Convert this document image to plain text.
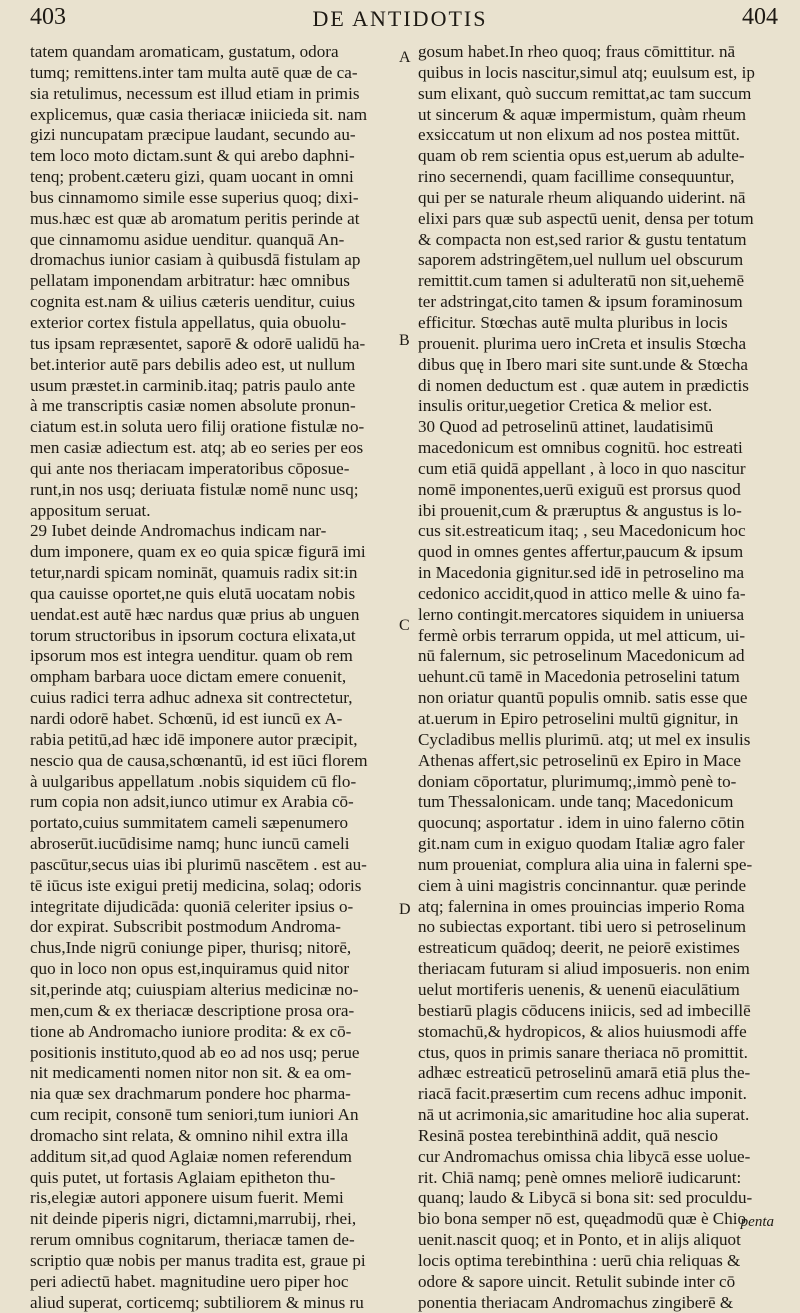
403	DE ANTIDOTIS	404
tatem quandam aromaticam, gustatum, odora
tumq; remittens.inter tam multa autē quæ de ca-
sia retulimus, necessum est illud etiam in primis
explicemus, quæ casia theriacæ iniicieda sit. nam
gizi nuncupatam præcipue laudant, secundo au-
tem loco moto dictam.sunt & qui arebo daphni-
tenq; probent.cæteru gizi, quam uocant in omni
bus cinnamomo simile esse superius quoq; dixi-
mus.hæc est quæ ab aromatum peritis perinde at
que cinnamomu asidue uenditur. quanquā An-
dromachus iunior casiam à quibusdā fistulam ap
pellatam imponendam arbitratur: hæc omnibus
cognita est.nam & uilius cæteris uenditur, cuius
exterior cortex fistula appellatus, quia obuolu-
tus ipsam repræsentet, saporē & odorē ualidū ha-
bet.interior autē pars debilis adeo est, ut nullum
usum præstet.in carminib.itaq; patris paulo ante
à me transcriptis casiæ nomen absolute pronun-
ciatum est.in soluta uero filij oratione fistulæ no-
men casiæ adiectum est. atq; ab eo series per eos
qui ante nos theriacam imperatoribus cōposue-
runt,in nos usq; deriuata fistulæ nomē nunc usq;
appositum seruat.
29 Iubet deinde Andromachus indicam nar-
dum imponere, quam ex eo quia spicæ figurā imi
tetur,nardi spicam nomināt, quamuis radix sit:in
qua cauisse oportet,ne quis elutā uocatam nobis
uendat.est autē hæc nardus quæ prius ab unguen
torum structoribus in ipsorum coctura elixata,ut
ipsorum mos est integra uenditur. quam ob rem
ompham barbara uoce dictam emere conuenit,
cuius radici terra adhuc adnexa sit contrectetur,
nardi odorē habet. Schœnū, id est iuncū ex A-
rabia petitū,ad hæc idē imponere autor præcipit,
nescio qua de causa,schœnantū, id est iūci florem
à uulgaribus appellatum .nobis siquidem cū flo-
rum copia non adsit,iunco utimur ex Arabia cō-
portato,cuius summitatem cameli sæpenumero
abroserūt.iucūdisime namq; hunc iuncū cameli
pascūtur,secus uias ibi plurimū nascētem . est au-
tē iūcus iste exigui pretij medicina, solaq; odoris
integritate dijudicāda: quoniā celeriter ipsius o-
dor expirat. Subscribit postmodum Androma-
chus,Inde nigrū coniunge piper, thurisq; nitorē,
quo in loco non opus est,inquiramus quid nitor
sit,perinde atq; cuiuspiam alterius medicinæ no-
men,cum & ex theriacæ descriptione prosa ora-
tione ab Andromacho iuniore prodita: & ex cō-
positionis instituto,quod ab eo ad nos usq; perue
nit medicamenti nomen nitor non sit. & ea om-
nia quæ sex drachmarum pondere hoc pharma-
cum recipit, consonē tum seniori,tum iuniori An
dromacho sint relata, & omnino nihil extra illa
additum sit,ad quod Aglaiæ nomen referendum
quis putet, ut fortasis Aglaiam epitheton thu-
ris,elegiæ autori apponere uisum fuerit. Memi
nit deinde piperis nigri, dictamni,marrubij, rhei,
rerum omnibus cognitarum, theriacæ tamen de-
scriptio quæ nobis per manus tradita est, graue pi
peri adiectū habet. magnitudine uero piper hoc
aliud superat, corticemq; subtiliorem & minus ru
gosum habet.In rheo quoq; fraus cōmittitur. nā
quibus in locis nascitur,simul atq; euulsum est, ip
sum elixant, quò succum remittat,ac tam succum
ut sincerum & aquæ impermistum, quàm rheum
exsiccatum ut non elixum ad nos postea mittūt.
quam ob rem scientia opus est,uerum ab adulte-
rino secernendi, quam facillime consequuntur,
qui per se naturale rheum aliquando uiderint. nā
elixi pars quæ sub aspectū uenit, densa per totum
& compacta non est,sed rarior & gustu tentatum
saporem adstringētem,uel nullum uel obscurum
remittit.cum tamen si adulteratū non sit,uehemē
ter adstringat,cito tamen & ipsum foraminosum
efficitur. Stœchas autē multa pluribus in locis
prouenit. plurima uero inCreta et insulis Stœcha
dibus quę in Ibero mari site sunt.unde & Stœcha
di nomen deductum est . quæ autem in prædictis
insulis oritur,uegetior Cretica & melior est.
30 Quod ad petroselinū attinet, laudatisimū
macedonicum est omnibus cognitū. hoc estreati
cum etiā quidā appellant , à loco in quo nascitur
nomē imponentes,uerū exiguū est prorsus quod
ibi prouenit,cum & præruptus & angustus is lo-
cus sit.estreaticum itaq; , seu Macedonicum hoc
quod in omnes gentes affertur,paucum & ipsum
in Macedonia gignitur.sed idē in petroselino ma
cedonico accidit,quod in attico melle & uino fa-
lerno contingit.mercatores siquidem in uniuersa
fermè orbis terrarum oppida, ut mel atticum, ui-
nū falernum, sic petroselinum Macedonicum ad
uehunt.cū tamē in Macedonia petroselini tatum
non oriatur quantū populis omnib. satis esse que
at.uerum in Epiro petroselini multū gignitur, in
Cycladibus mellis plurimū. atq; ut mel ex insulis
Athenas affert,sic petroselinū ex Epiro in Mace
doniam cōportatur, plurimumq;,immò penè to-
tum Thessalonicam. unde tanq; Macedonicum
quocunq; asportatur . idem in uino falerno cōtin
git.nam cum in exiguo quodam Italiæ agro faler
num proueniat, complura alia uina in falerni spe-
ciem à uini magistris concinnantur. quæ perinde
atq; falernina in omes prouincias imperio Roma
no subiectas exportant. tibi uero si petroselinum
estreaticum quādoq; deerit, ne peiorē existimes
theriacam futuram si aliud imposueris. non enim
uelut mortiferis uenenis, & uenenū eiaculātium
bestiarū plagis cōducens iniicis, sed ad imbecillē
stomachū,& hydropicos, & alios huiusmodi affe
ctus, quos in primis sanare theriaca nō promittit.
adhæc estreaticū petroselinū amarā etiā plus the-
riacā facit.præsertim cum recens adhuc imponit.
nā ut acrimonia,sic amaritudine hoc alia superat.
Resinā postea terebinthinā addit, quā nescio
cur Andromachus omissa chia libycā esse uolue-
rit. Chiā namq; penè omnes meliorē iudicarunt:
quanq; laudo & Libycā si bona sit: sed proculdu-
bio bona semper nō est, quęadmodū quæ è Chio
uenit.nascit quoq; et in Ponto, et in alijs aliquot
locis optima terebinthina : uerū chia reliquas &
odore & sapore uincit. Retulit subinde inter cō
ponentia theriacam Andromachus zingiberē &
A
B
C
D
penta
